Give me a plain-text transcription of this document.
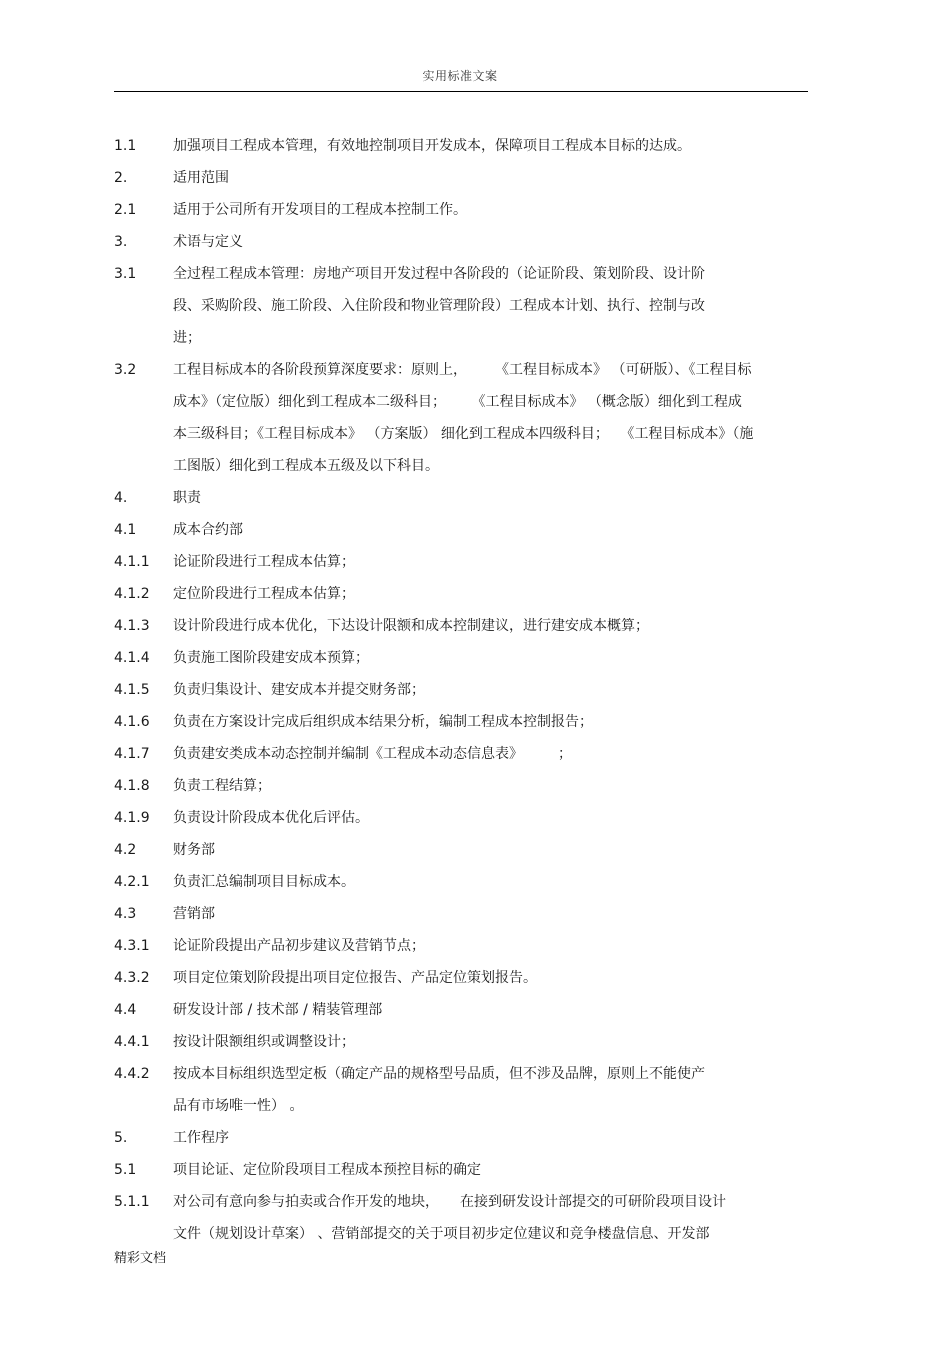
实用标准文案
1.1	加强项目工程成本管理，有效地控制项目开发成本，保障项目工程成本目标的达成。
2.	适用范围
2.1	适用于公司所有开发项目的工程成本控制工作。
3.	术语与定义
3.1	全过程工程成本管理：房地产项目开发过程中各阶段的（论证阶段、策划阶段、设计阶
段、采购阶段、施工阶段、入住阶段和物业管理阶段）工程成本计划、执行、控制与改
进；
3.2	工程目标成本的各阶段预算深度要求：原则上，　　　《工程目标成本》 （可研版）、《工程目标
成本》（定位版）细化到工程成本二级科目；　　 《工程目标成本》 （概念版）细化到工程成
本三级科目；《工程目标成本》 （方案版） 细化到工程成本四级科目；　 《工程目标成本》（施
工图版）细化到工程成本五级及以下科目。
4.	职责
4.1	成本合约部
4.1.1 论证阶段进行工程成本估算；
4.1.2 定位阶段进行工程成本估算；
4.1.3 设计阶段进行成本优化，下达设计限额和成本控制建议，进行建安成本概算；
4.1.4 负责施工图阶段建安成本预算；
4.1.5 负责归集设计、建安成本并提交财务部；
4.1.6 负责在方案设计完成后组织成本结果分析，编制工程成本控制报告；
4.1.7 负责建安类成本动态控制并编制《工程成本动态信息表》　　　；
4.1.8 负责工程结算；
4.1.9 负责设计阶段成本优化后评估。
4.2	财务部
4.2.1 负责汇总编制项目目标成本。
4.3	营销部
4.3.1 论证阶段提出产品初步建议及营销节点；
4.3.2 项目定位策划阶段提出项目定位报告、产品定位策划报告。
4.4	研发设计部 / 技术部 / 精装管理部
4.4.1 按设计限额组织或调整设计；
4.4.2 按成本目标组织选型定板（确定产品的规格型号品质，但不涉及品牌，原则上不能使产
品有市场唯一性） 。
5.	工作程序
5.1	项目论证、定位阶段项目工程成本预控目标的确定
5.1.1 对公司有意向参与拍卖或合作开发的地块，　　在接到研发设计部提交的可研阶段项目设计
文件（规划设计草案） 、营销部提交的关于项目初步定位建议和竞争楼盘信息、开发部
精彩文档
